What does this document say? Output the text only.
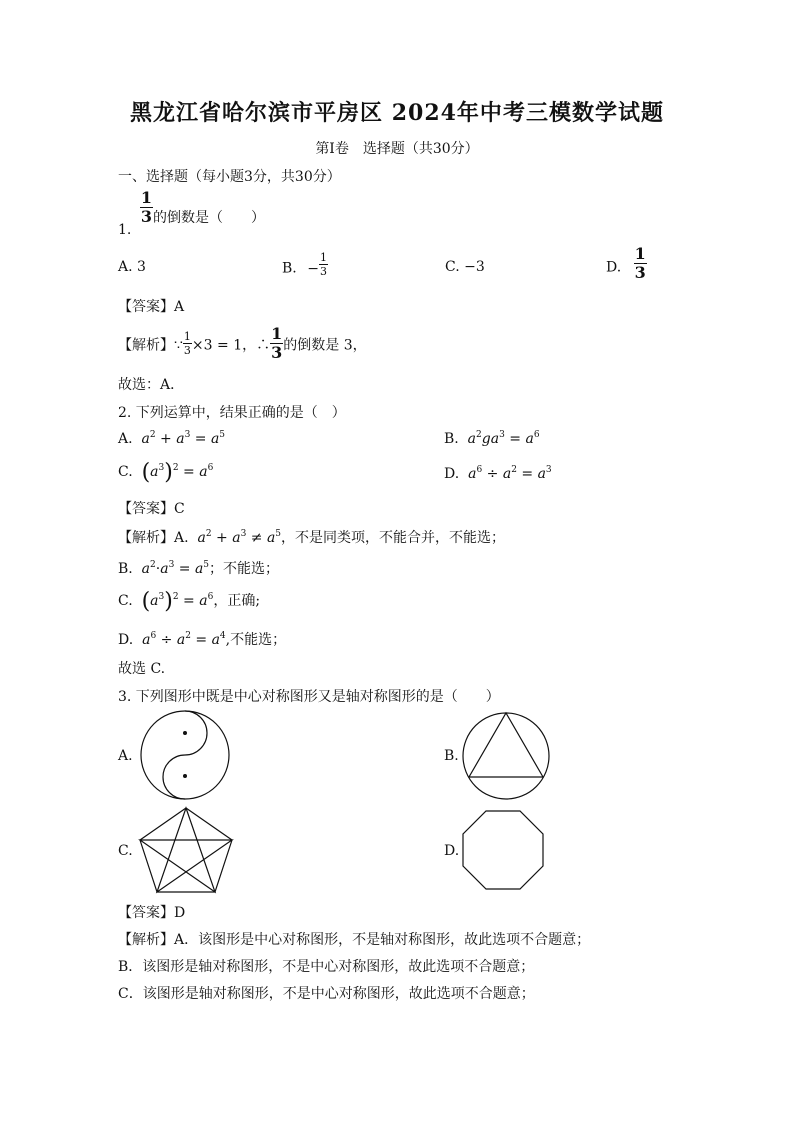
黑龙江省哈尔滨市平房区 2024年中考三模数学试题
第I卷　选择题（共30分）
一、选择题（每小题3分，共30分）
1.
$\frac{1}{3}$ 的倒数是（　　）
A. 3	B. − $\frac{1}{3}$	C. −3	D. $\frac{1}{3}$
【答案】A
【解析】∵ $\frac{1}{3} \times 3 = 1$，∴ $\frac{1}{3}$ 的倒数是 3，
故选：A．
2. 下列运算中，结果正确的是（　）
A. $a^2 + a^3 = a^5$	B. $a^2ga^3 = a^6$
C. $(a^3)^2 = a^6$	D. $a^6 \div a^2 = a^3$
【答案】C
【解析】A. $a^2 + a^3 \ne a^5$，不是同类项，不能合并，不能选；
B. $a^2\cdot a^3 = a^5$；不能选；
C. $(a^3)^2 = a^6$，正确;
D. $a^6 \div a^2 = a^4$,不能选；
故选 C.
3. 下列图形中既是中心对称图形又是轴对称图形的是（　　）
A.	B.
C.	D.
【答案】D
【解析】A．该图形是中心对称图形，不是轴对称图形，故此选项不合题意；
B．该图形是轴对称图形，不是中心对称图形，故此选项不合题意；
C．该图形是轴对称图形，不是中心对称图形，故此选项不合题意；
